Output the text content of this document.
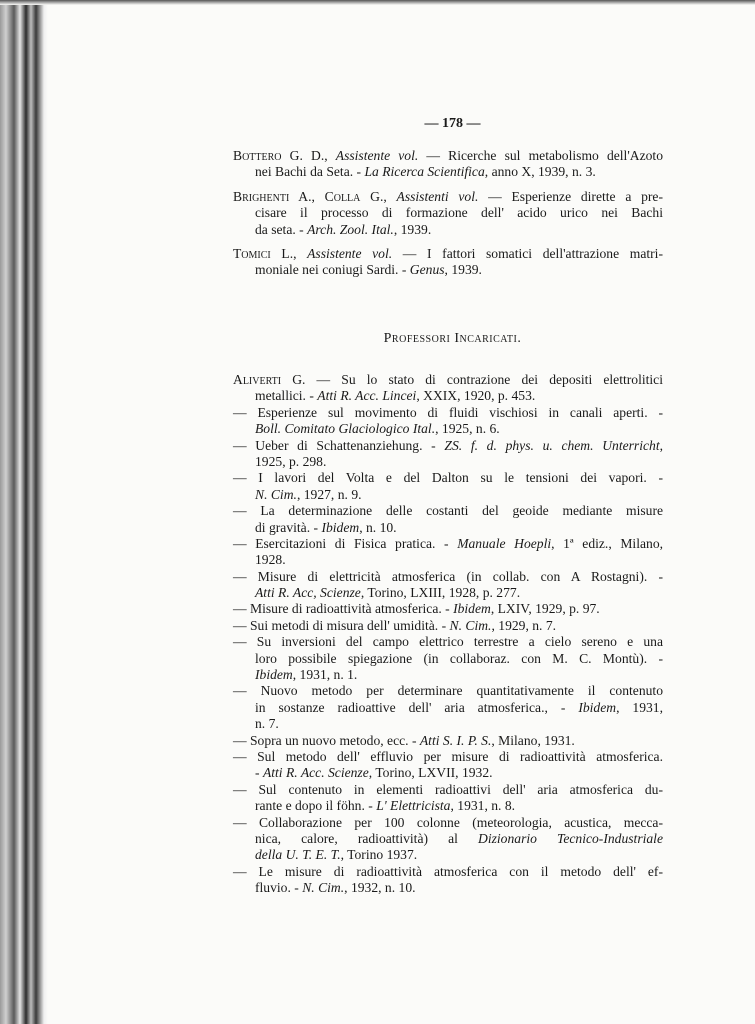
— 178 —
Bottero G. D., Assistente vol. — Ricerche sul metabolismo dell'Azoto
nei Bachi da Seta. - La Ricerca Scientifica, anno X, 1939, n. 3.
Brighenti A., Colla G., Assistenti vol. — Esperienze dirette a pre-
cisare il processo di formazione dell' acido urico nei Bachi
da seta. - Arch. Zool. Ital., 1939.
Tomici L., Assistente vol. — I fattori somatici dell'attrazione matri-
moniale nei coniugi Sardi. - Genus, 1939.
Professori Incaricati.
Aliverti G. — Su lo stato di contrazione dei depositi elettrolitici
metallici. - Atti R. Acc. Lincei, XXIX, 1920, p. 453.
— Esperienze sul movimento di fluidi vischiosi in canali aperti. -
Boll. Comitato Glaciologico Ital., 1925, n. 6.
— Ueber di Schattenanziehung. - ZS. f. d. phys. u. chem. Unterricht,
1925, p. 298.
— I lavori del Volta e del Dalton su le tensioni dei vapori. -
N. Cim., 1927, n. 9.
— La determinazione delle costanti del geoide mediante misure
di gravità. - Ibidem, n. 10.
— Esercitazioni di Fisica pratica. - Manuale Hoepli, 1ª ediz., Milano,
1928.
— Misure di elettricità atmosferica (in collab. con A Rostagni). -
Atti R. Acc, Scienze, Torino, LXIII, 1928, p. 277.
— Misure di radioattività atmosferica. - Ibidem, LXIV, 1929, p. 97.
— Sui metodi di misura dell' umidità. - N. Cim., 1929, n. 7.
— Su inversioni del campo elettrico terrestre a cielo sereno e una
loro possibile spiegazione (in collaboraz. con M. C. Montù). -
Ibidem, 1931, n. 1.
— Nuovo metodo per determinare quantitativamente il contenuto
in sostanze radioattive dell' aria atmosferica., - Ibidem, 1931,
n. 7.
— Sopra un nuovo metodo, ecc. - Atti S. I. P. S., Milano, 1931.
— Sul metodo dell' effluvio per misure di radioattività atmosferica.
- Atti R. Acc. Scienze, Torino, LXVII, 1932.
— Sul contenuto in elementi radioattivi dell' aria atmosferica du-
rante e dopo il föhn. - L' Elettricista, 1931, n. 8.
— Collaborazione per 100 colonne (meteorologia, acustica, mecca-
nica, calore, radioattività) al Dizionario Tecnico-Industriale
della U. T. E. T., Torino 1937.
— Le misure di radioattività atmosferica con il metodo dell' ef-
fluvio. - N. Cim., 1932, n. 10.
